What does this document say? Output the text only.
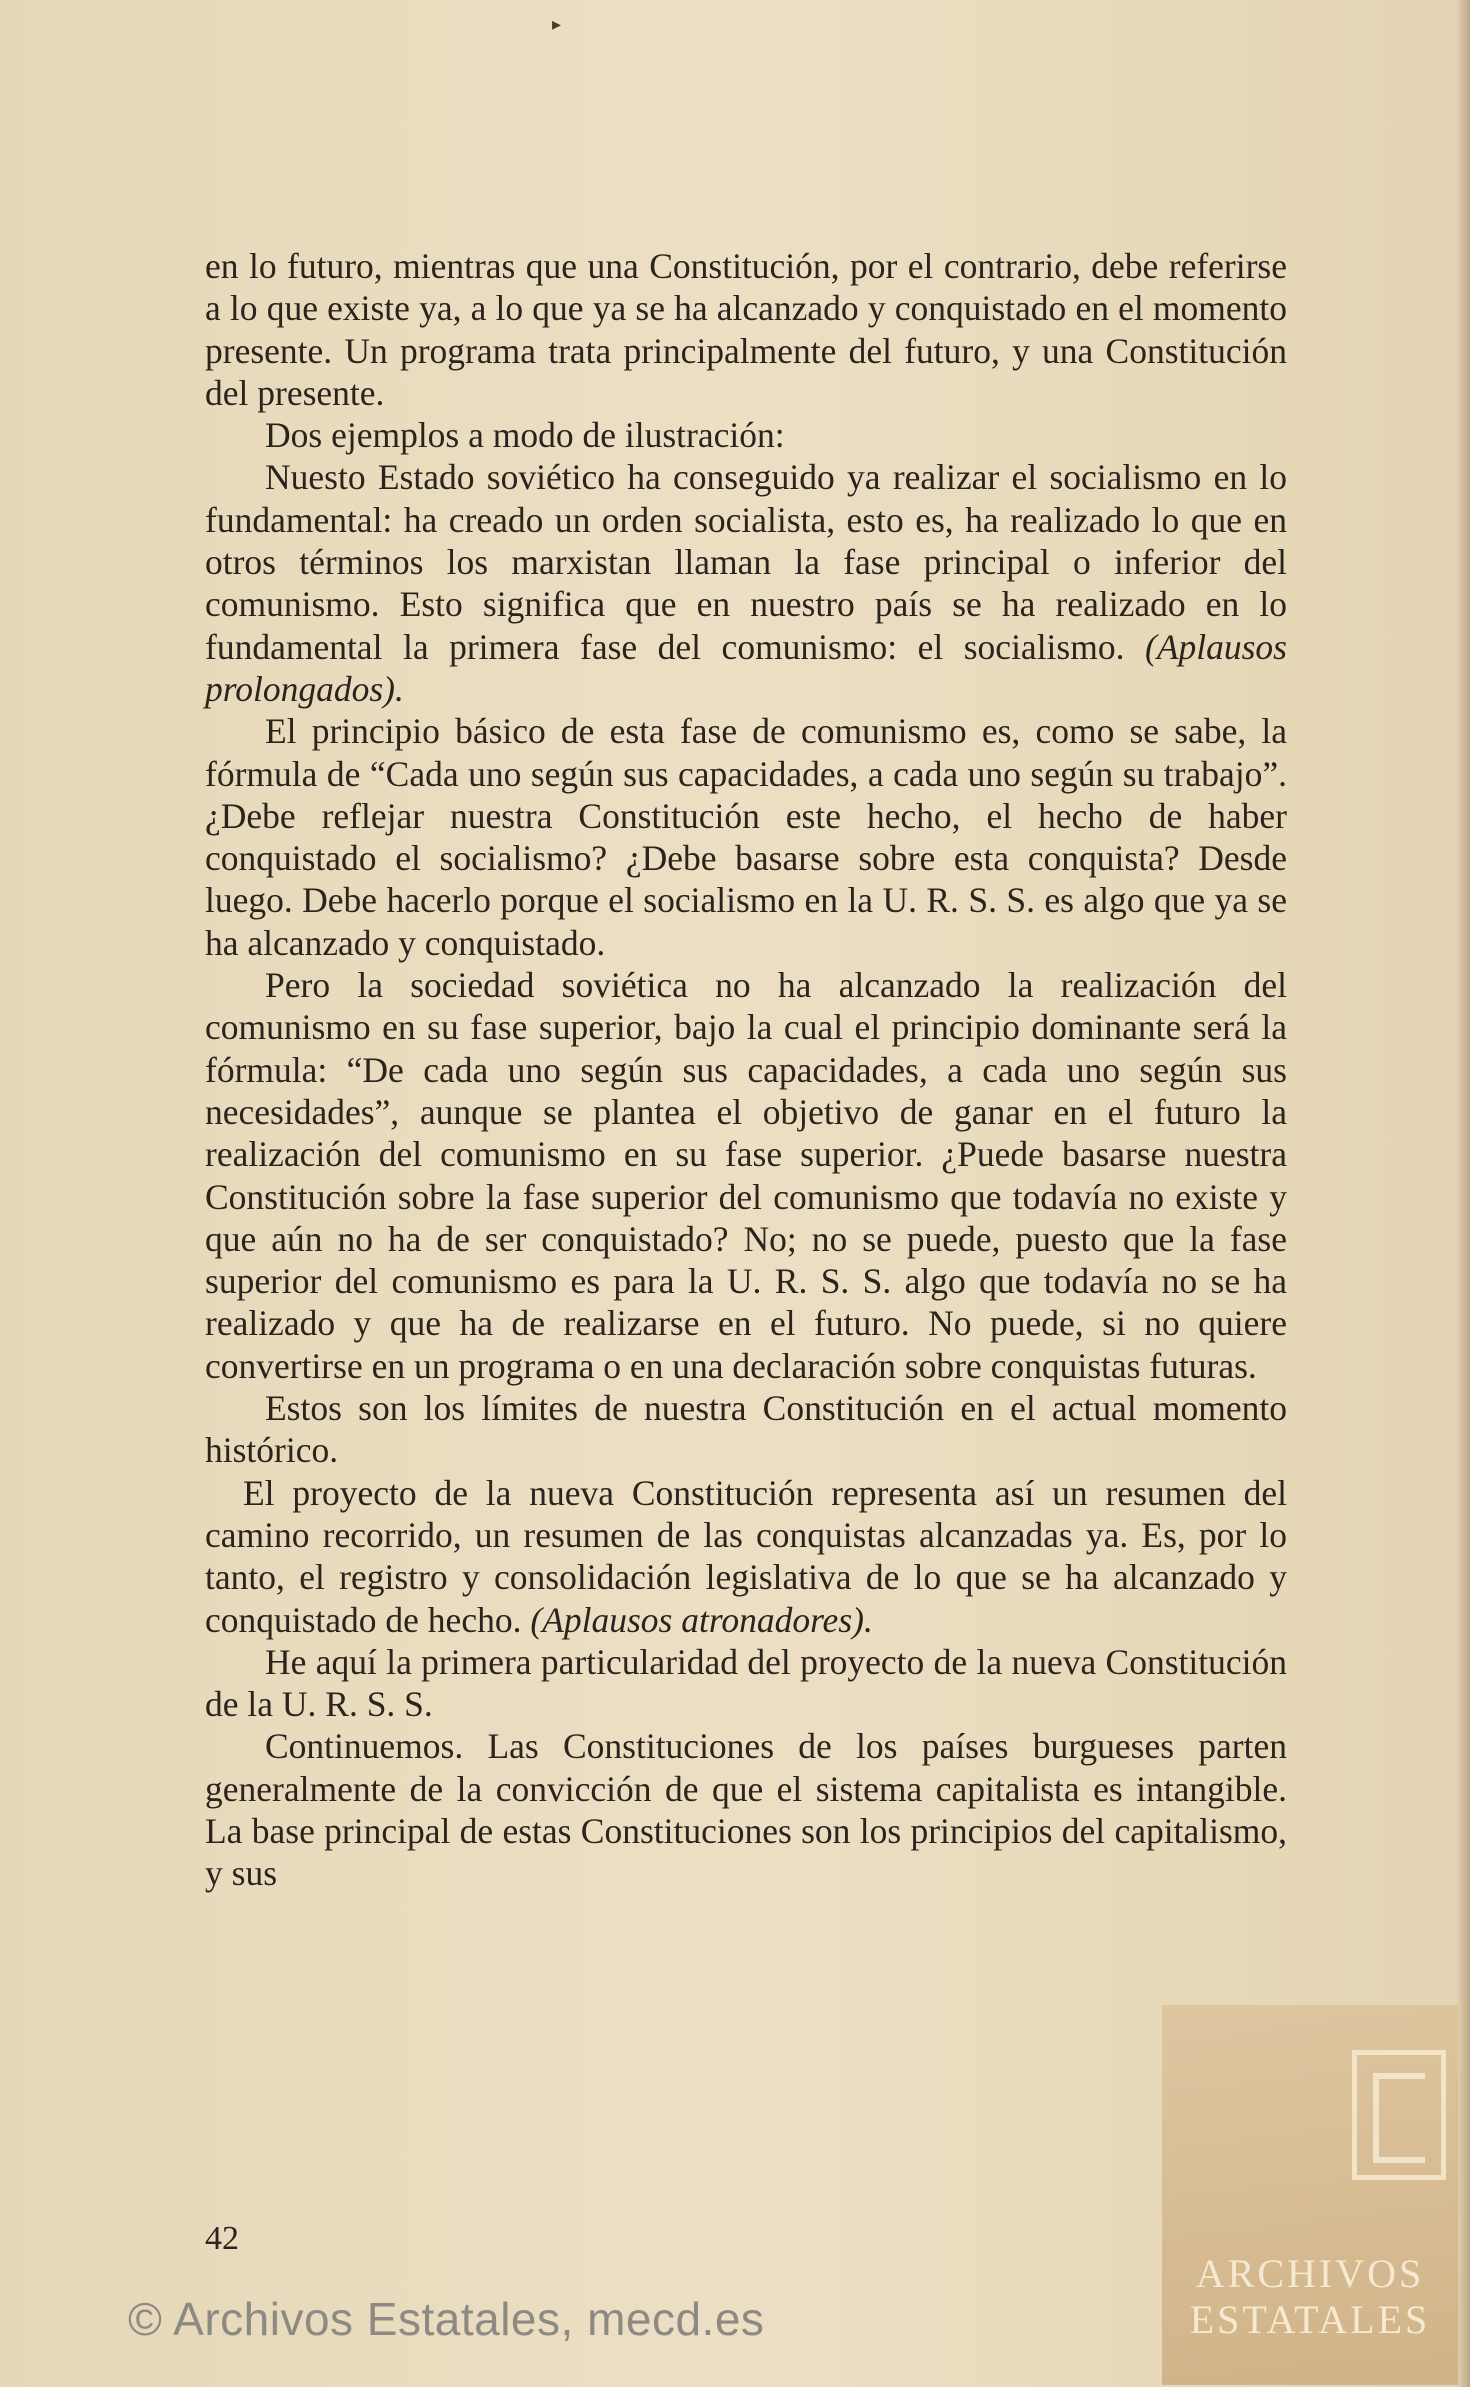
▸

en lo futuro, mientras que una Constitución, por el contrario, debe referirse a lo que existe ya, a lo que ya se ha alcanzado y conquistado en el momento presente. Un programa trata principalmente del futuro, y una Constitución del presente.

Dos ejemplos a modo de ilustración:

Nuesto Estado soviético ha conseguido ya realizar el socialismo en lo fundamental: ha creado un orden socialista, esto es, ha realizado lo que en otros términos los marxistan llaman la fase principal o inferior del comunismo. Esto significa que en nuestro país se ha realizado en lo fundamental la primera fase del comunismo: el socialismo. (Aplausos prolongados).

El principio básico de esta fase de comunismo es, como se sabe, la fórmula de “Cada uno según sus capacidades, a cada uno según su trabajo”. ¿Debe reflejar nuestra Constitución este hecho, el hecho de haber conquistado el socialismo? ¿Debe basarse sobre esta conquista? Desde luego. Debe hacerlo porque el socialismo en la U. R. S. S. es algo que ya se ha alcanzado y conquistado.

Pero la sociedad soviética no ha alcanzado la realización del comunismo en su fase superior, bajo la cual el principio dominante será la fórmula: “De cada uno según sus capacidades, a cada uno según sus necesidades”, aunque se plantea el objetivo de ganar en el futuro la realización del comunismo en su fase superior. ¿Puede basarse nuestra Constitución sobre la fase superior del comunismo que todavía no existe y que aún no ha de ser conquistado? No; no se puede, puesto que la fase superior del comunismo es para la U. R. S. S. algo que todavía no se ha realizado y que ha de realizarse en el futuro. No puede, si no quiere convertirse en un programa o en una declaración sobre conquistas futuras.

Estos son los límites de nuestra Constitución en el actual momento histórico.

El proyecto de la nueva Constitución representa así un resumen del camino recorrido, un resumen de las conquistas alcanzadas ya. Es, por lo tanto, el registro y consolidación legislativa de lo que se ha alcanzado y conquistado de hecho. (Aplausos atronadores).

He aquí la primera particularidad del proyecto de la nueva Constitución de la U. R. S. S.

Continuemos. Las Constituciones de los países burgueses parten generalmente de la convicción de que el sistema capitalista es intangible. La base principal de estas Constituciones son los principios del capitalismo, y sus

42
© Archivos Estatales, mecd.es
ARCHIVOS
ESTATALES
